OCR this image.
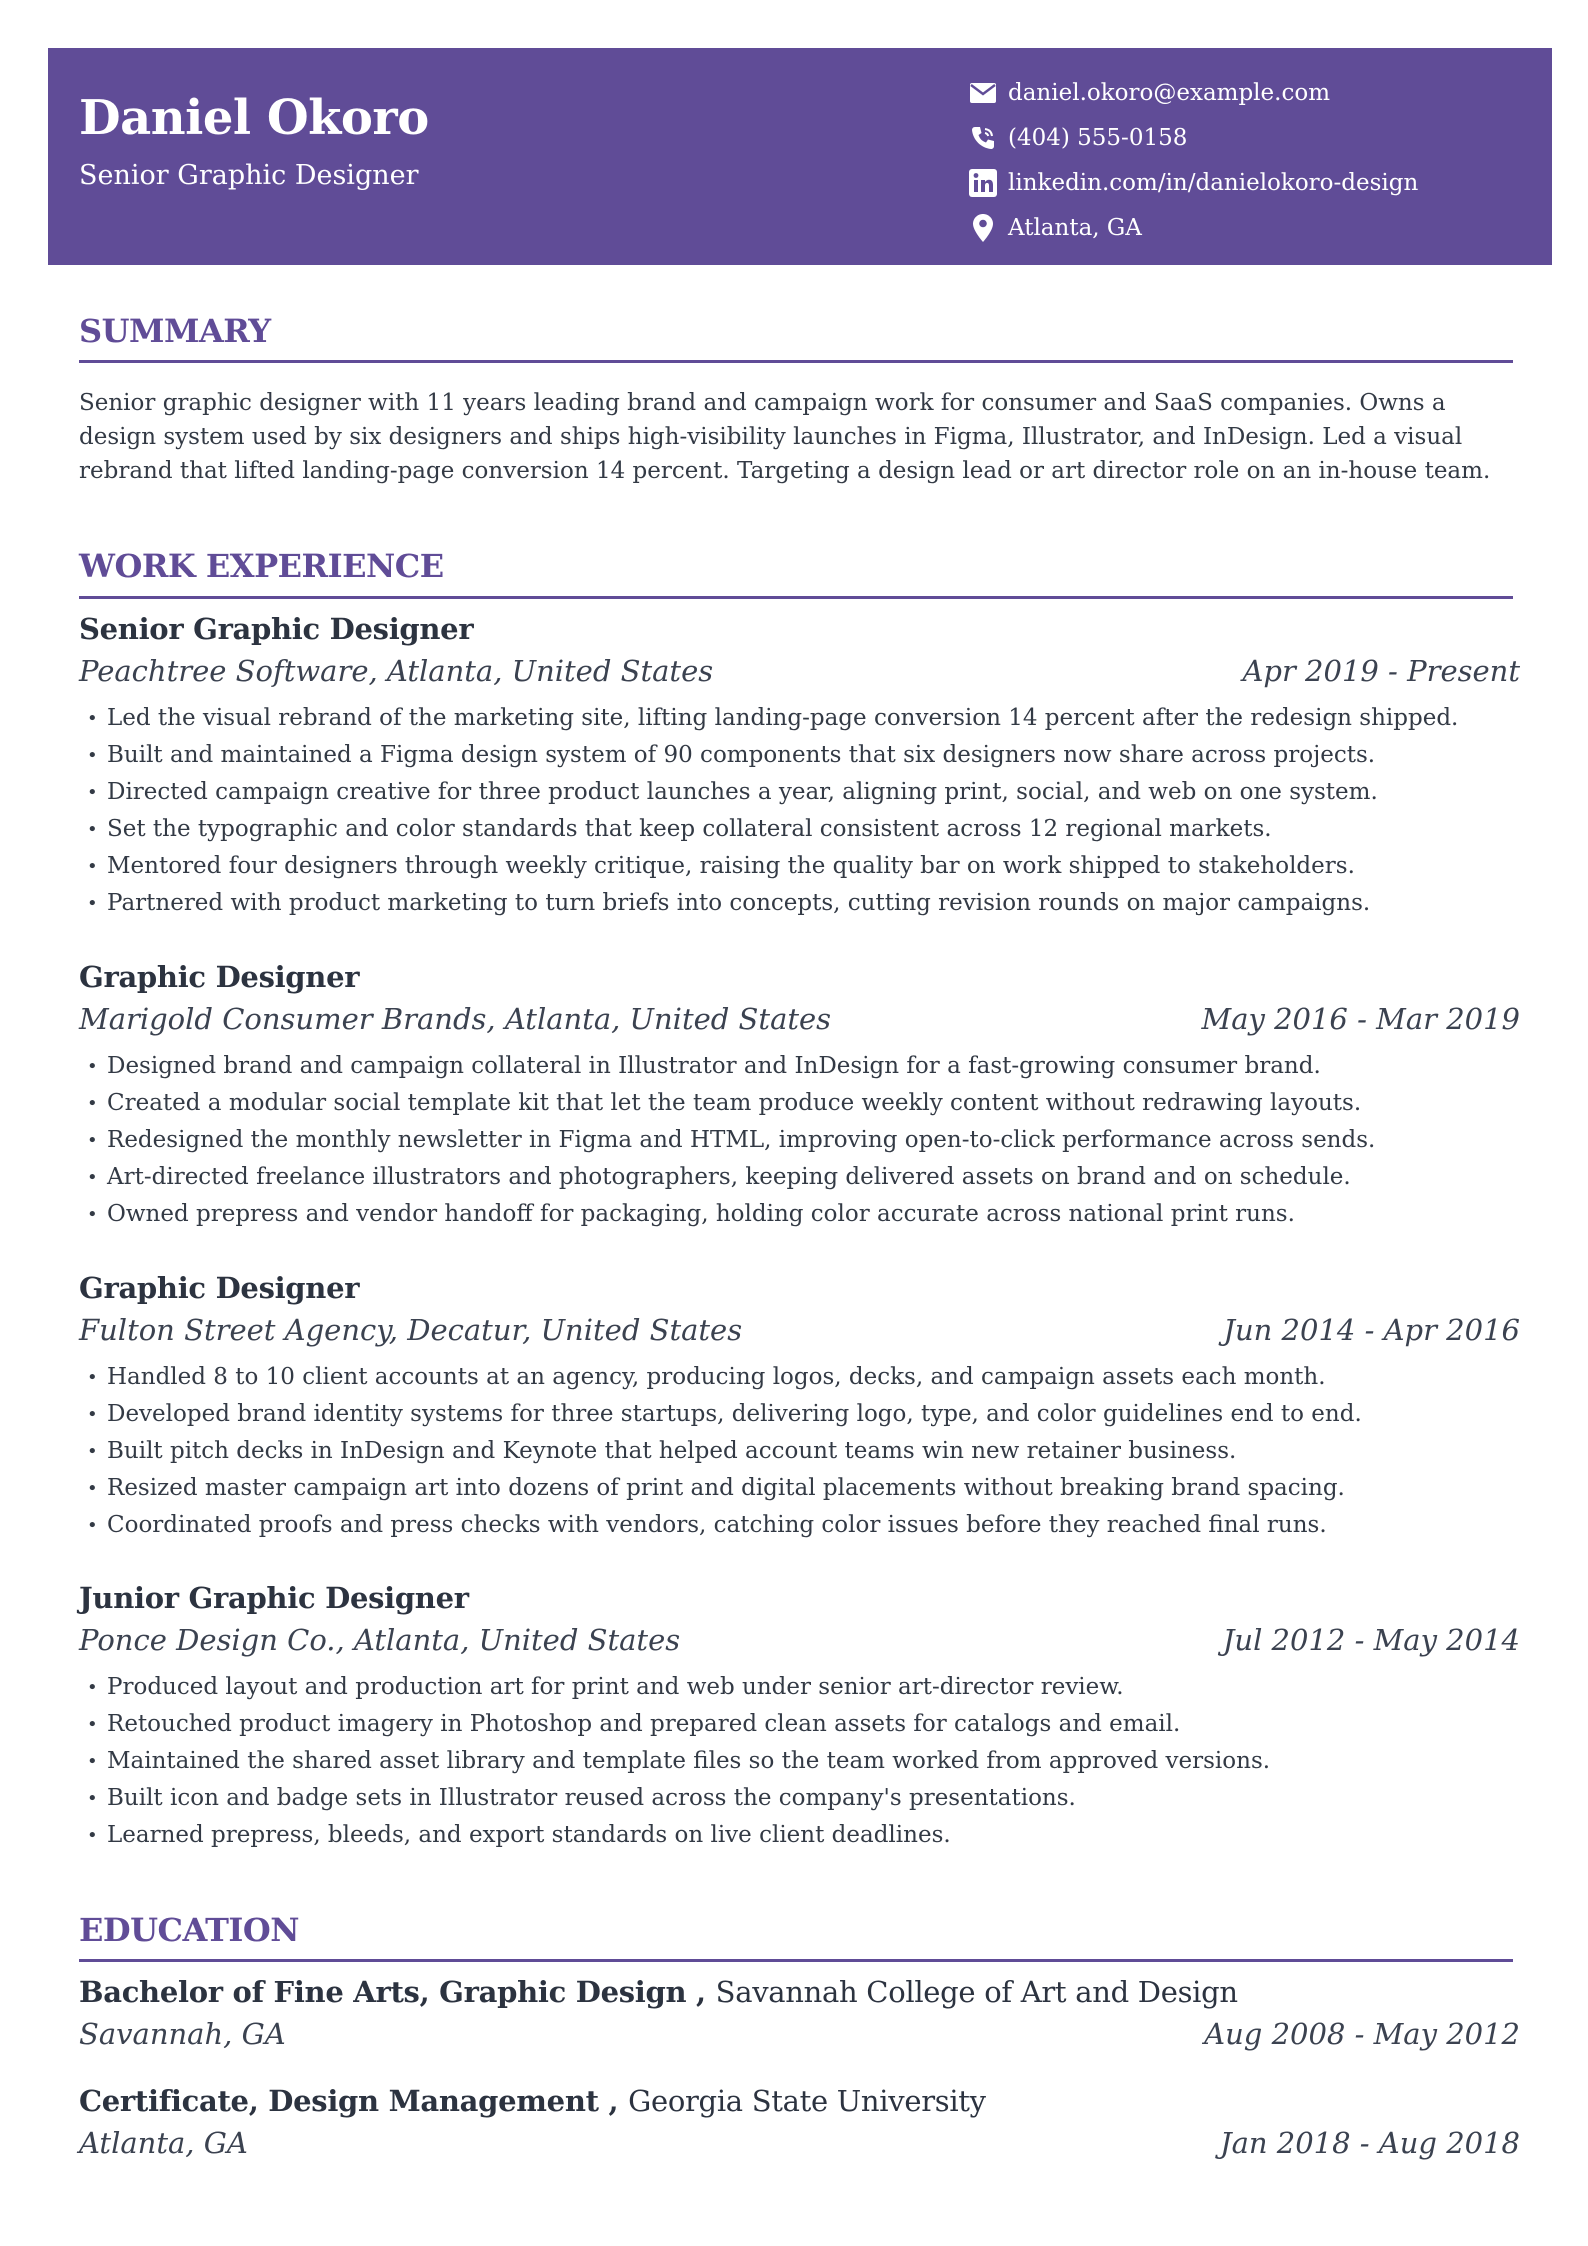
Daniel Okoro
Senior Graphic Designer
daniel.okoro@example.com
(404) 555-0158
linkedin.com/in/danielokoro-design
Atlanta, GA
SUMMARY
Senior graphic designer with 11 years leading brand and campaign work for consumer and SaaS companies. Owns a design system used by six designers and ships high-visibility launches in Figma, Illustrator, and InDesign. Led a visual rebrand that lifted landing-page conversion 14 percent. Targeting a design lead or art director role on an in-house team.
WORK EXPERIENCE
Senior Graphic Designer
Peachtree Software, Atlanta, United States	Apr 2019 - Present
• Led the visual rebrand of the marketing site, lifting landing-page conversion 14 percent after the redesign shipped.
• Built and maintained a Figma design system of 90 components that six designers now share across projects.
• Directed campaign creative for three product launches a year, aligning print, social, and web on one system.
• Set the typographic and color standards that keep collateral consistent across 12 regional markets.
• Mentored four designers through weekly critique, raising the quality bar on work shipped to stakeholders.
• Partnered with product marketing to turn briefs into concepts, cutting revision rounds on major campaigns.
Graphic Designer
Marigold Consumer Brands, Atlanta, United States	May 2016 - Mar 2019
• Designed brand and campaign collateral in Illustrator and InDesign for a fast-growing consumer brand.
• Created a modular social template kit that let the team produce weekly content without redrawing layouts.
• Redesigned the monthly newsletter in Figma and HTML, improving open-to-click performance across sends.
• Art-directed freelance illustrators and photographers, keeping delivered assets on brand and on schedule.
• Owned prepress and vendor handoff for packaging, holding color accurate across national print runs.
Graphic Designer
Fulton Street Agency, Decatur, United States	Jun 2014 - Apr 2016
• Handled 8 to 10 client accounts at an agency, producing logos, decks, and campaign assets each month.
• Developed brand identity systems for three startups, delivering logo, type, and color guidelines end to end.
• Built pitch decks in InDesign and Keynote that helped account teams win new retainer business.
• Resized master campaign art into dozens of print and digital placements without breaking brand spacing.
• Coordinated proofs and press checks with vendors, catching color issues before they reached final runs.
Junior Graphic Designer
Ponce Design Co., Atlanta, United States	Jul 2012 - May 2014
• Produced layout and production art for print and web under senior art-director review.
• Retouched product imagery in Photoshop and prepared clean assets for catalogs and email.
• Maintained the shared asset library and template files so the team worked from approved versions.
• Built icon and badge sets in Illustrator reused across the company's presentations.
• Learned prepress, bleeds, and export standards on live client deadlines.
EDUCATION
Bachelor of Fine Arts, Graphic Design , Savannah College of Art and Design
Savannah, GA	Aug 2008 - May 2012
Certificate, Design Management , Georgia State University
Atlanta, GA	Jan 2018 - Aug 2018
